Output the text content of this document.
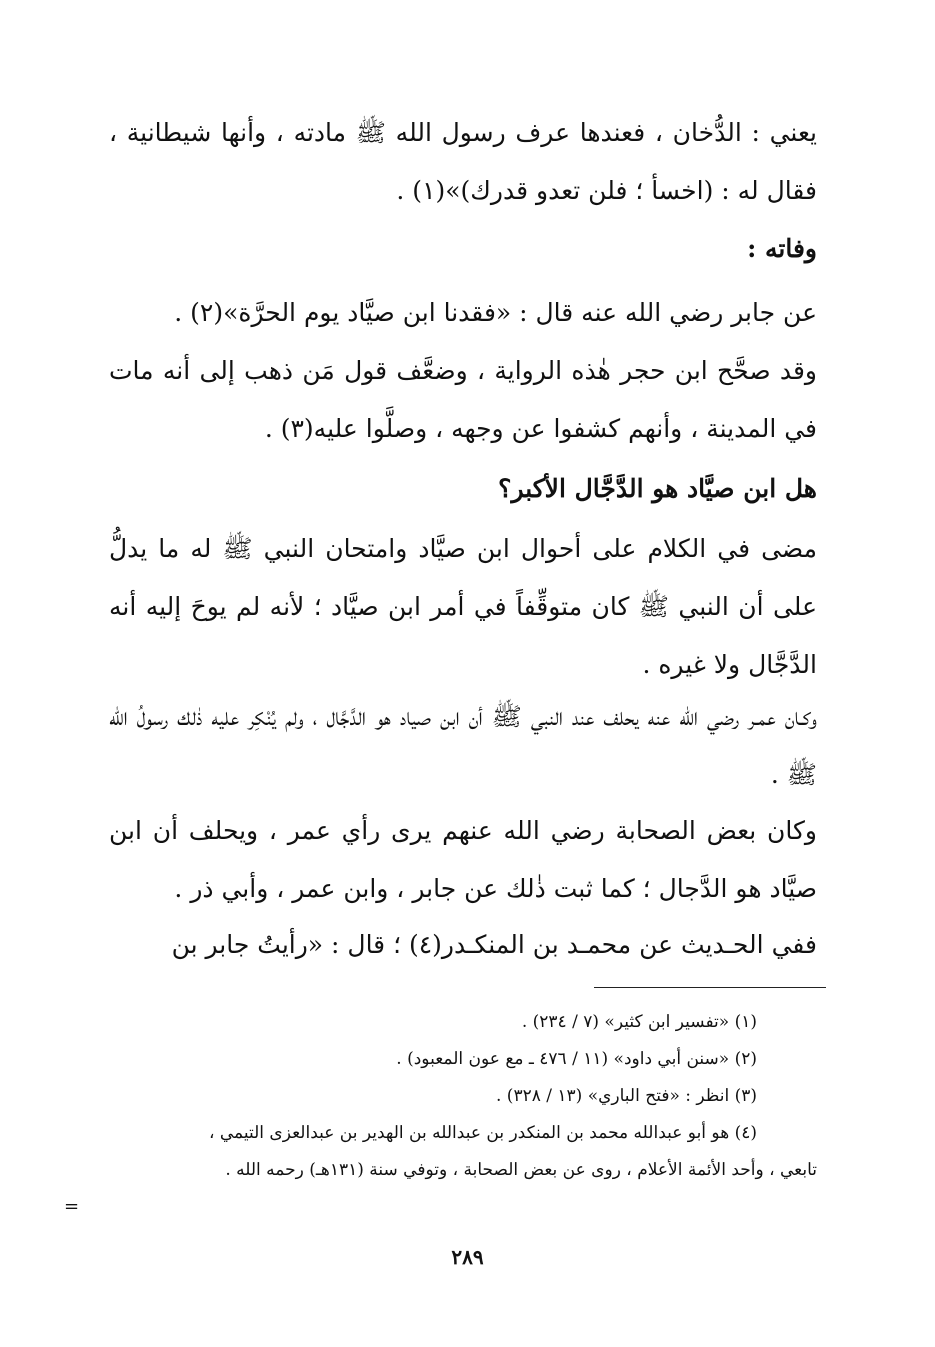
يعني : الدُّخان ، فعندها عرف رسول الله ﷺ مادته ، وأنها شيطانية ، فقال له : (اخسأ ؛ فلن تعدو قدرك)»(١) .

وفاته :

عن جابر رضي الله عنه قال : «فقدنا ابن صيَّاد يوم الحرَّة»(٢) .

وقد صحَّح ابن حجر هٰذه الرواية ، وضعَّف قول مَن ذهب إلى أنه مات في المدينة ، وأنهم كشفوا عن وجهه ، وصلَّوا عليه(٣) .

هل ابن صيَّاد هو الدَّجَّال الأكبر؟

مضى في الكلام على أحوال ابن صيَّاد وامتحان النبي ﷺ له ما يدلُّ على أن النبي ﷺ كان متوقِّفاً في أمر ابن صيَّاد ؛ لأنه لم يوحَ إليه أنه الدَّجَّال ولا غيره .

وكـان عمـر رضي الله عنه يحلف عند النبي ﷺ أن ابن صياد هو الدَّجَّال ، ولم يُنْكِر عليه ذٰلك رسولُ الله ﷺ .

وكان بعض الصحابة رضي الله عنهم يرى رأي عمر ، ويحلف أن ابن صيَّاد هو الدَّجال ؛ كما ثبت ذٰلك عن جابر ، وابن عمر ، وأبي ذر .

ففي الحـديث عن محمـد بن المنكـدر(٤) ؛ قال : «رأيتُ جابر بن

(١) «تفسير ابن كثير» (٧ / ٢٣٤) .

(٢) «سنن أبي داود» (١١ / ٤٧٦ ـ مع عون المعبود) .

(٣) انظر : «فتح الباري» (١٣ / ٣٢٨) .

(٤) هو أبو عبدالله محمد بن المنكدر بن عبدالله بن الهدير بن عبدالعزى التيمي ،

تابعي ، وأحد الأئمة الأعلام ، روى عن بعض الصحابة ، وتوفي سنة (١٣١هـ) رحمه الله .

=
٢٨٩
